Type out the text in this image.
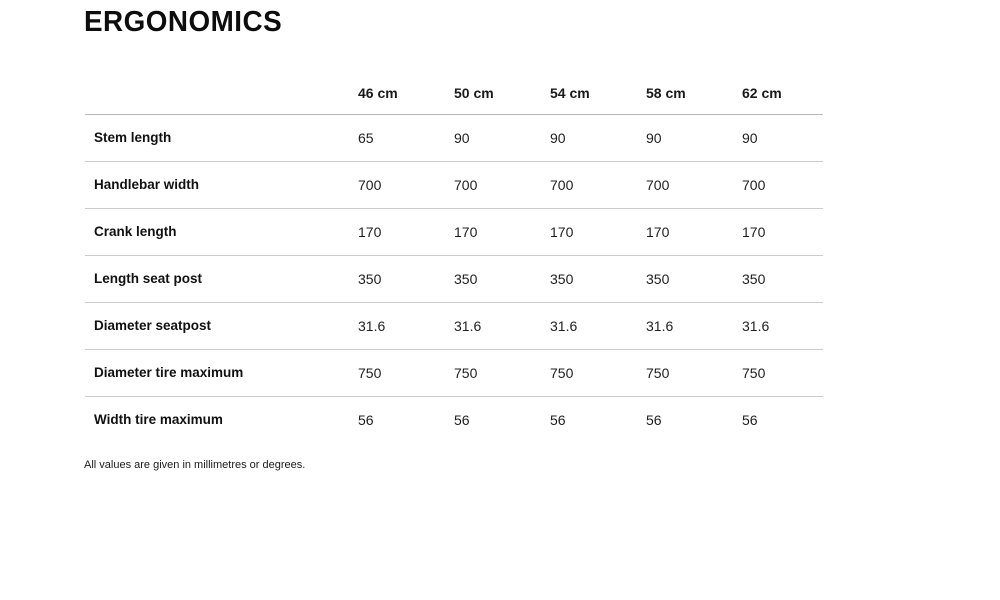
ERGONOMICS
	46 cm	50 cm	54 cm	58 cm	62 cm	
Stem length	65	90	90	90	90	
Handlebar width	700	700	700	700	700	
Crank length	170	170	170	170	170	
Length seat post	350	350	350	350	350	
Diameter seatpost	31.6	31.6	31.6	31.6	31.6	
Diameter tire maximum	750	750	750	750	750	
Width tire maximum	56	56	56	56	56	
All values are given in millimetres or degrees.
